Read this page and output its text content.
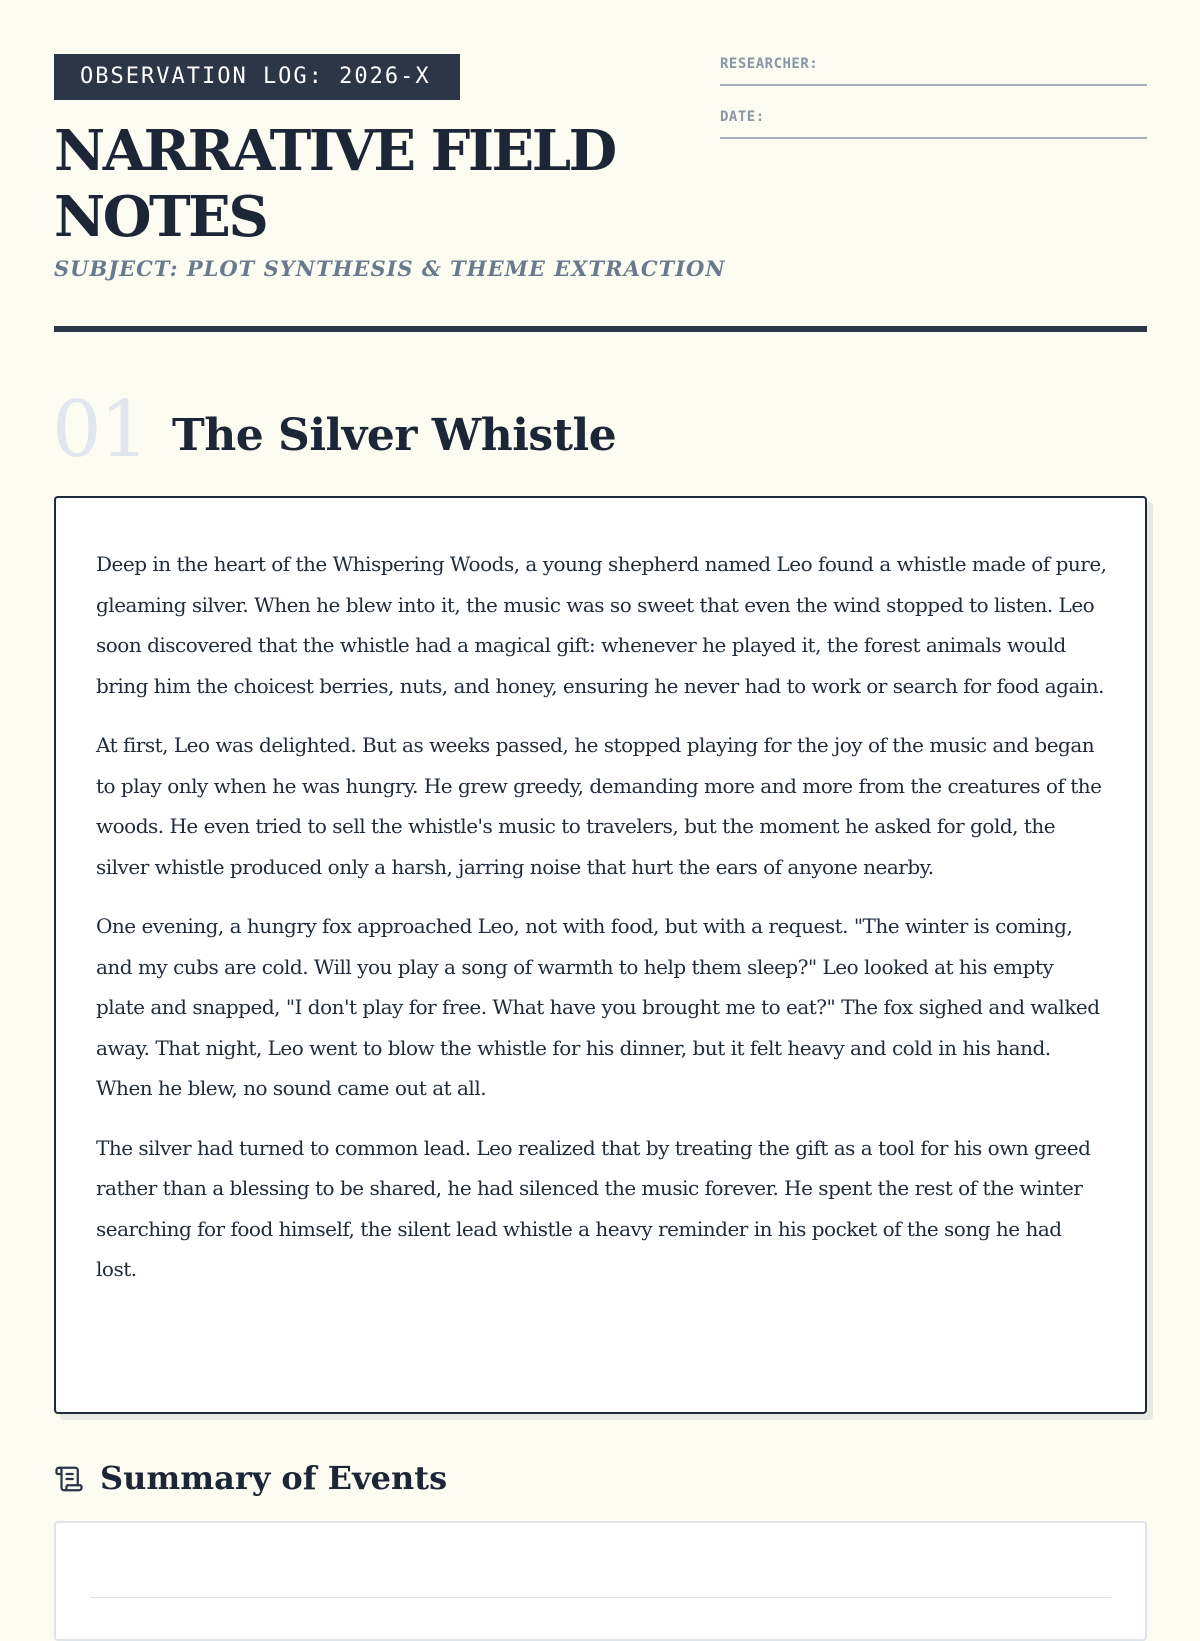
OBSERVATION LOG: 2026-X
NARRATIVE FIELD NOTES
SUBJECT: PLOT SYNTHESIS & THEME EXTRACTION
RESEARCHER:
DATE:
01 The Silver Whistle

Deep in the heart of the Whispering Woods, a young shepherd named Leo found a whistle made of pure, gleaming silver. When he blew into it, the music was so sweet that even the wind stopped to listen. Leo soon discovered that the whistle had a magical gift: whenever he played it, the forest animals would bring him the choicest berries, nuts, and honey, ensuring he never had to work or search for food again.

At first, Leo was delighted. But as weeks passed, he stopped playing for the joy of the music and began to play only when he was hungry. He grew greedy, demanding more and more from the creatures of the woods. He even tried to sell the whistle's music to travelers, but the moment he asked for gold, the silver whistle produced only a harsh, jarring noise that hurt the ears of anyone nearby.

One evening, a hungry fox approached Leo, not with food, but with a request. "The winter is coming, and my cubs are cold. Will you play a song of warmth to help them sleep?" Leo looked at his empty plate and snapped, "I don't play for free. What have you brought me to eat?" The fox sighed and walked away. That night, Leo went to blow the whistle for his dinner, but it felt heavy and cold in his hand. When he blew, no sound came out at all.

The silver had turned to common lead. Leo realized that by treating the gift as a tool for his own greed rather than a blessing to be shared, he had silenced the music forever. He spent the rest of the winter searching for food himself, the silent lead whistle a heavy reminder in his pocket of the song he had lost.

Summary of Events
